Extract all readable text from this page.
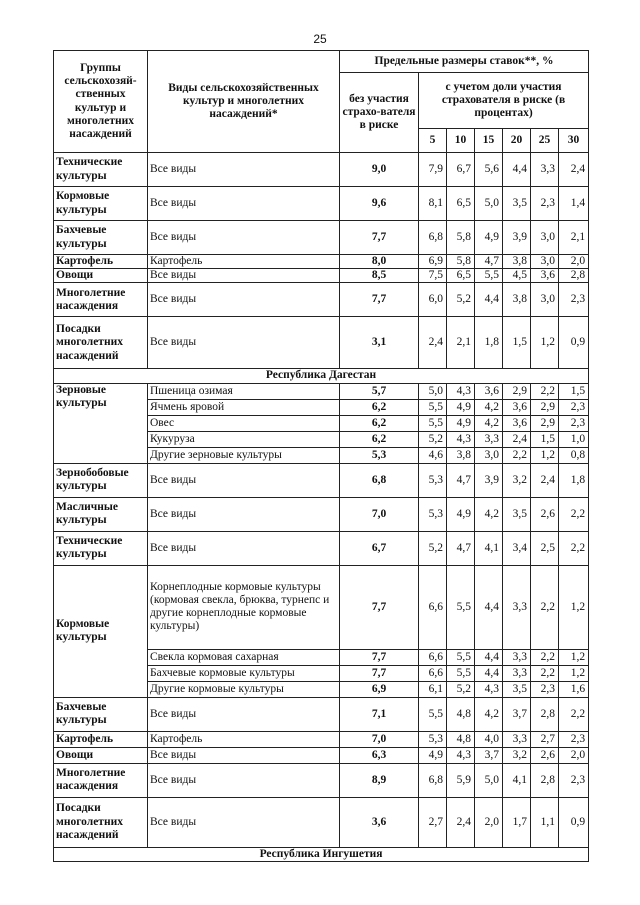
25
Группы сельскохозяй-ственных культур и многолетних насаждений	Виды сельскохозяйственных культур и многолетних насаждений*	Предельные размеры ставок**, %						
		без участия страхо-вателя в риске	с учетом доли участия страхователя в риске (в процентах)					
			5	10	15	20	25	30
Технические культуры	Все виды	9,0	7,9	6,7	5,6	4,4	3,3	2,4
Кормовые культуры	Все виды	9,6	8,1	6,5	5,0	3,5	2,3	1,4
Бахчевые культуры	Все виды	7,7	6,8	5,8	4,9	3,9	3,0	2,1
Картофель	Картофель	8,0	6,9	5,8	4,7	3,8	3,0	2,0
Овощи	Все виды	8,5	7,5	6,5	5,5	4,5	3,6	2,8
Многолетние насаждения	Все виды	7,7	6,0	5,2	4,4	3,8	3,0	2,3
Посадки многолетних насаждений	Все виды	3,1	2,4	2,1	1,8	1,5	1,2	0,9
Республика Дагестан								
Зерновые культуры	Пшеница озимая	5,7	5,0	4,3	3,6	2,9	2,2	1,5
	Ячмень яровой	6,2	5,5	4,9	4,2	3,6	2,9	2,3
	Овес	6,2	5,5	4,9	4,2	3,6	2,9	2,3
	Кукуруза	6,2	5,2	4,3	3,3	2,4	1,5	1,0
	Другие зерновые культуры	5,3	4,6	3,8	3,0	2,2	1,2	0,8
Зернобобовые культуры	Все виды	6,8	5,3	4,7	3,9	3,2	2,4	1,8
Масличные культуры	Все виды	7,0	5,3	4,9	4,2	3,5	2,6	2,2
Технические культуры	Все виды	6,7	5,2	4,7	4,1	3,4	2,5	2,2
Кормовые культуры	Корнеплодные кормовые культуры (кормовая свекла, брюква, турнепс и другие корнеплодные кормовые культуры)	7,7	6,6	5,5	4,4	3,3	2,2	1,2
	Свекла кормовая сахарная	7,7	6,6	5,5	4,4	3,3	2,2	1,2
	Бахчевые кормовые культуры	7,7	6,6	5,5	4,4	3,3	2,2	1,2
	Другие кормовые культуры	6,9	6,1	5,2	4,3	3,5	2,3	1,6
Бахчевые культуры	Все виды	7,1	5,5	4,8	4,2	3,7	2,8	2,2
Картофель	Картофель	7,0	5,3	4,8	4,0	3,3	2,7	2,3
Овощи	Все виды	6,3	4,9	4,3	3,7	3,2	2,6	2,0
Многолетние насаждения	Все виды	8,9	6,8	5,9	5,0	4,1	2,8	2,3
Посадки многолетних насаждений	Все виды	3,6	2,7	2,4	2,0	1,7	1,1	0,9
Республика Ингушетия								
